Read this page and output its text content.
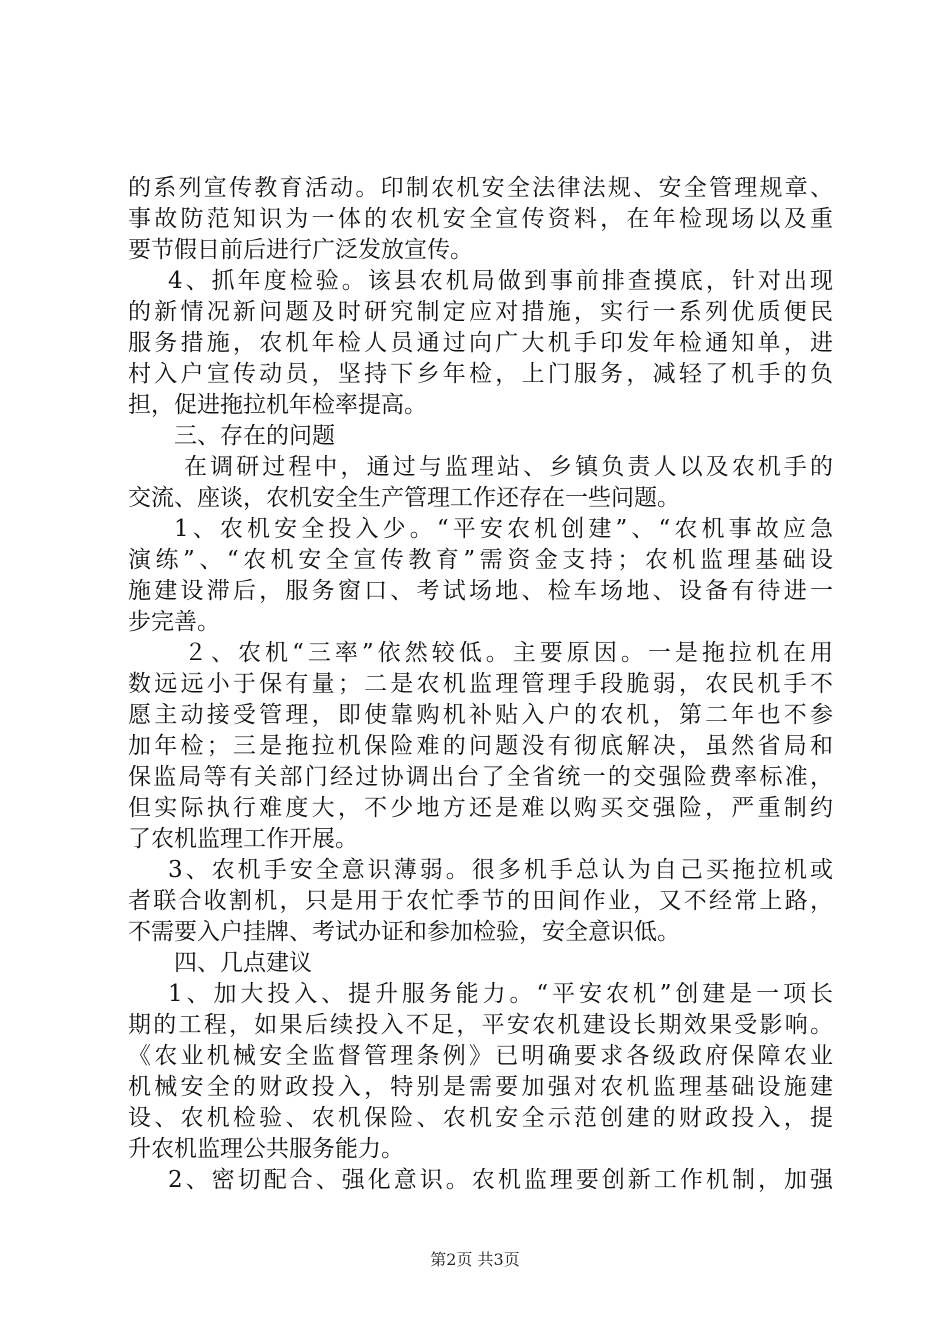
的系列宣传教育活动。印制农机安全法律法规、安全管理规章、
事故防范知识为一体的农机安全宣传资料，在年检现场以及重
要节假日前后进行广泛发放宣传。
4、抓年度检验。该县农机局做到事前排查摸底，针对出现
的新情况新问题及时研究制定应对措施，实行一系列优质便民
服务措施，农机年检人员通过向广大机手印发年检通知单，进
村入户宣传动员，坚持下乡年检，上门服务，减轻了机手的负
担，促进拖拉机年检率提高。
三、存在的问题
在调研过程中，通过与监理站、乡镇负责人以及农机手的
交流、座谈，农机安全生产管理工作还存在一些问题。
1、农机安全投入少。“平安农机创建”、“农机事故应急
演练”、“农机安全宣传教育”需资金支持；农机监理基础设
施建设滞后，服务窗口、考试场地、检车场地、设备有待进一
步完善。
２、农机“三率”依然较低。主要原因。一是拖拉机在用
数远远小于保有量；二是农机监理管理手段脆弱，农民机手不
愿主动接受管理，即使靠购机补贴入户的农机，第二年也不参
加年检；三是拖拉机保险难的问题没有彻底解决，虽然省局和
保监局等有关部门经过协调出台了全省统一的交强险费率标准，
但实际执行难度大，不少地方还是难以购买交强险，严重制约
了农机监理工作开展。
3、农机手安全意识薄弱。很多机手总认为自己买拖拉机或
者联合收割机，只是用于农忙季节的田间作业，又不经常上路，
不需要入户挂牌、考试办证和参加检验，安全意识低。
四、几点建议
1、加大投入、提升服务能力。“平安农机”创建是一项长
期的工程，如果后续投入不足，平安农机建设长期效果受影响。
《农业机械安全监督管理条例》已明确要求各级政府保障农业
机械安全的财政投入，特别是需要加强对农机监理基础设施建
设、农机检验、农机保险、农机安全示范创建的财政投入，提
升农机监理公共服务能力。
2、密切配合、强化意识。农机监理要创新工作机制，加强
第2页 共3页
